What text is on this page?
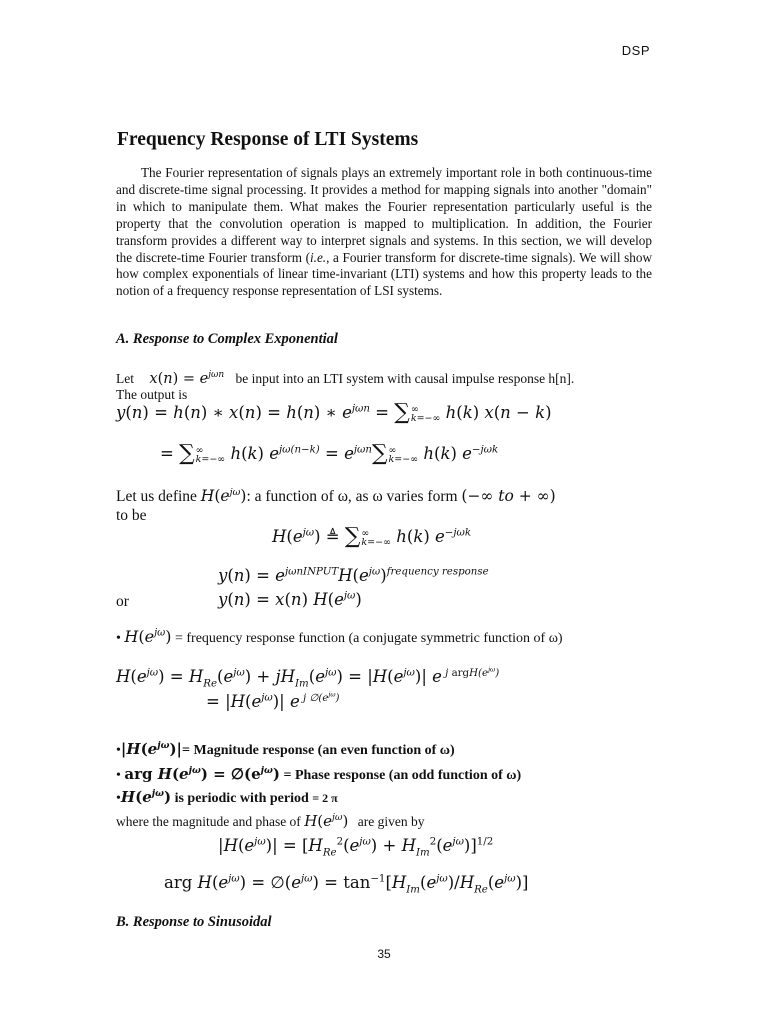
DSP
Frequency Response of LTI Systems

The Fourier representation of signals plays an extremely important role in both continuous-time and discrete-time signal processing. It provides a method for mapping signals into another "domain" in which to manipulate them. What makes the Fourier representation particularly useful is the property that the convolution operation is mapped to multiplication. In addition, the Fourier transform provides a different way to interpret signals and systems. In this section, we will develop the discrete-time Fourier transform (i.e., a Fourier transform for discrete-time signals). We will show how complex exponentials of linear time-invariant (LTI) systems and how this property leads to the notion of a frequency response representation of LSI systems.

A. Response to Complex Exponential
Let $x(n) = e^{j\omega n}$ be input into an LTI system with causal impulse response h[n].
The output is
y(n) = h(n) ∗ x(n) = h(n) ∗ $e^{j\omega n}$ = ∑∞
k=−∞ h(k) x(n − k)
= ∑∞
k=−∞ h(k) $e^{j\omega(n-k)} = e^{j\omega n}\sum\infty$
k=−∞ h(k) $e^{-j\omega k}$
Let us define $H(e^{j\omega})$: a function of ω, as ω varies form (−∞ to + ∞)
to be
$H(e^{j\omega})$ ≜ ∑∞
k=−∞ h(k) $e^{-j\omega k}$
$y(n) = e^{j\omega nINPUT}H(e^{j\omega})^{frequency response}$
or	y(n) = x(n) $H(e^{j\omega})$
• $H(e^{j\omega})$ = frequency response function (a conjugate symmetric function of ω)
$H(e^{j\omega}) = H_{Re}(e^{j\omega}) + jH_{Im}(e^{j\omega}) = |H(e^{j\omega})|$ e $^{j argH(e^{j\omega})}$
= $|H(e^{j\omega})|$ e $^{j \emptyset(e^{j\omega})}$
$•|H(e^{j\omega})|=$ Magnitude response (an even function of ω)
• arg $H(e^{j\omega})$ = $\emptyset(e^{j\omega})$ = Phase response (an odd function of ω)
$•H(e^{j\omega})$ is periodic with period = 2 π
where the magnitude and phase of $H(e^{j\omega})$ are given by
$|H(e^{j\omega})| = [H_{Re}^2(e^{j\omega}) + H_{Im}^2(e^{j\omega})]^{1/2}$
arg $H(e^{j\omega})$ = $\emptyset(e^{j\omega}) = \tan^{-1}[H_{Im}(e^{j\omega})/H_{Re}(e^{j\omega})]$
B. Response to Sinusoidal
35
